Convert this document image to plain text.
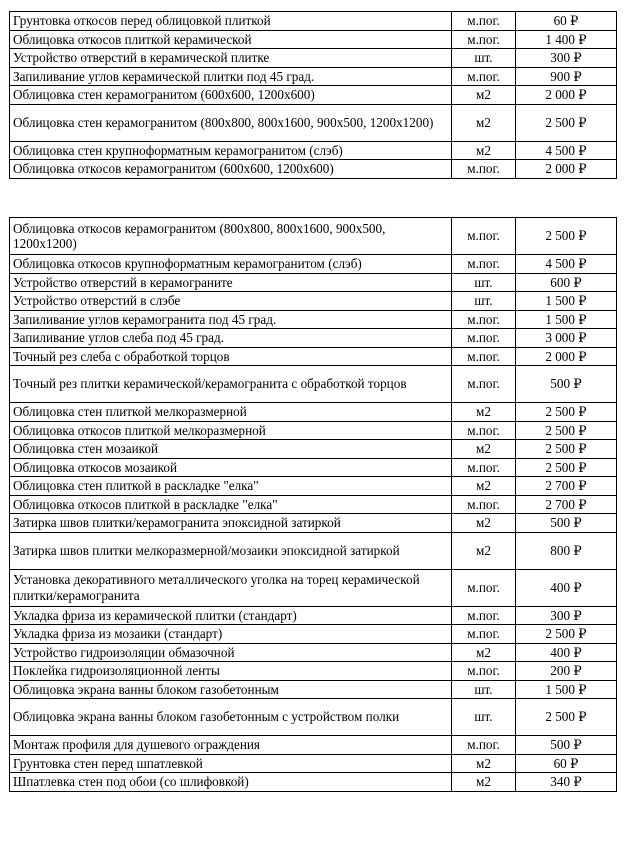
Грунтовка откосов перед облицовкой плиткой	м.пог.	60 ₽
Облицовка откосов плиткой керамической	м.пог.	1 400 ₽
Устройство отверстий в керамической плитке	шт.	300 ₽
Запиливание углов керамической плитки под 45 град.	м.пог.	900 ₽
Облицовка стен керамогранитом (600х600, 1200х600)	м2	2 000 ₽
Облицовка стен керамогранитом (800х800, 800х1600, 900х500, 1200х1200)	м2	2 500 ₽
Облицовка стен крупноформатным керамогранитом (слэб)	м2	4 500 ₽
Облицовка откосов керамогранитом (600х600, 1200х600)	м.пог.	2 000 ₽
Облицовка откосов керамогранитом (800х800, 800х1600, 900х500, 1200х1200)	м.пог.	2 500 ₽
Облицовка откосов крупноформатным керамогранитом (слэб)	м.пог.	4 500 ₽
Устройство отверстий в керамограните	шт.	600 ₽
Устройство отверстий в слэбе	шт.	1 500 ₽
Запиливание углов керамогранита под 45 град.	м.пог.	1 500 ₽
Запиливание углов слеба под 45 град.	м.пог.	3 000 ₽
Точный рез слеба с обработкой торцов	м.пог.	2 000 ₽
Точный рез плитки керамической/керамогранита с обработкой торцов	м.пог.	500 ₽
Облицовка стен плиткой мелкоразмерной	м2	2 500 ₽
Облицовка откосов плиткой мелкоразмерной	м.пог.	2 500 ₽
Облицовка стен мозаикой	м2	2 500 ₽
Облицовка откосов мозаикой	м.пог.	2 500 ₽
Облицовка стен плиткой в раскладке "елка"	м2	2 700 ₽
Облицовка откосов плиткой в раскладке "елка"	м.пог.	2 700 ₽
Затирка швов плитки/керамогранита эпоксидной затиркой	м2	500 ₽
Затирка швов плитки мелкоразмерной/мозаики эпоксидной затиркой	м2	800 ₽
Установка декоративного металлического уголка на торец керамической плитки/керамогранита	м.пог.	400 ₽
Укладка фриза из керамической плитки (стандарт)	м.пог.	300 ₽
Укладка фриза из мозаики (стандарт)	м.пог.	2 500 ₽
Устройство гидроизоляции обмазочной	м2	400 ₽
Поклейка гидроизоляционной ленты	м.пог.	200 ₽
Облицовка экрана ванны блоком газобетонным	шт.	1 500 ₽
Облицовка экрана ванны блоком газобетонным с устройством полки	шт.	2 500 ₽
Монтаж профиля для душевого ограждения	м.пог.	500 ₽
Грунтовка стен перед шпатлевкой	м2	60 ₽
Шпатлевка стен под обои (со шлифовкой)	м2	340 ₽
